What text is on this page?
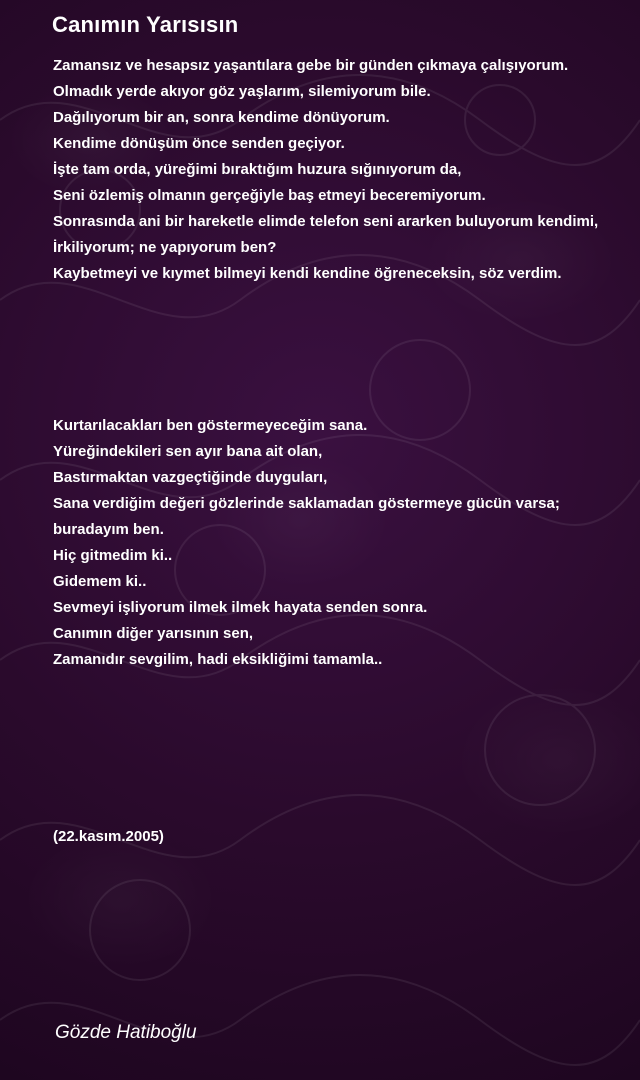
Canımın Yarısısın
Zamansız ve hesapsız yaşantılara gebe bir günden çıkmaya çalışıyorum.
Olmadık yerde akıyor göz yaşlarım, silemiyorum bile.
Dağılıyorum bir an, sonra kendime dönüyorum.
Kendime dönüşüm önce senden geçiyor.
İşte tam orda, yüreğimi bıraktığım huzura sığınıyorum da,
Seni özlemiş olmanın gerçeğiyle baş etmeyi beceremiyorum.
Sonrasında ani bir hareketle elimde telefon seni ararken buluyorum kendimi,
İrkiliyorum; ne yapıyorum ben?
Kaybetmeyi ve kıymet bilmeyi kendi kendine öğreneceksin, söz verdim.
Kurtarılacakları ben göstermeyeceğim sana.
Yüreğindekileri sen ayır bana ait olan,
Bastırmaktan vazgeçtiğinde duyguları,
Sana verdiğim değeri gözlerinde saklamadan göstermeye gücün varsa; buradayım ben.
Hiç gitmedim ki..
Gidemem ki..
Sevmeyi işliyorum ilmek ilmek hayata senden sonra.
Canımın diğer yarısının sen,
Zamanıdır sevgilim, hadi eksikliğimi tamamla..
(22.kasım.2005)
Gözde Hatiboğlu
